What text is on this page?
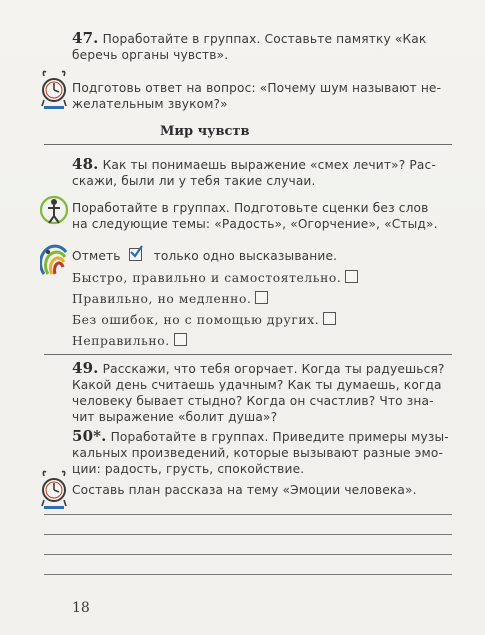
47. Поработайте в группах. Составьте памятку «Как
беречь органы чувств».
Подготовь ответ на вопрос: «Почему шум называют не-
желательным звуком?»
Мир чувств
48. Как ты понимаешь выражение «смех лечит»? Рас-
скажи, были ли у тебя такие случаи.
Поработайте в группах. Подготовьте сценки без слов
на следующие темы: «Радость», «Огорчение», «Стыд».
Отметь	только одно высказывание.
Быстро, правильно и самостоятельно.
Правильно, но медленно.
Без ошибок, но с помощью других.
Неправильно.
49. Расскажи, что тебя огорчает. Когда ты радуешься?
Какой день считаешь удачным? Как ты думаешь, когда
человеку бывает стыдно? Когда он счастлив? Что зна-
чит выражение «болит душа»?
50*. Поработайте в группах. Приведите примеры музы-
кальных произведений, которые вызывают разные эмо-
ции: радость, грусть, спокойствие.
Составь план рассказа на тему «Эмоции человека».
18
